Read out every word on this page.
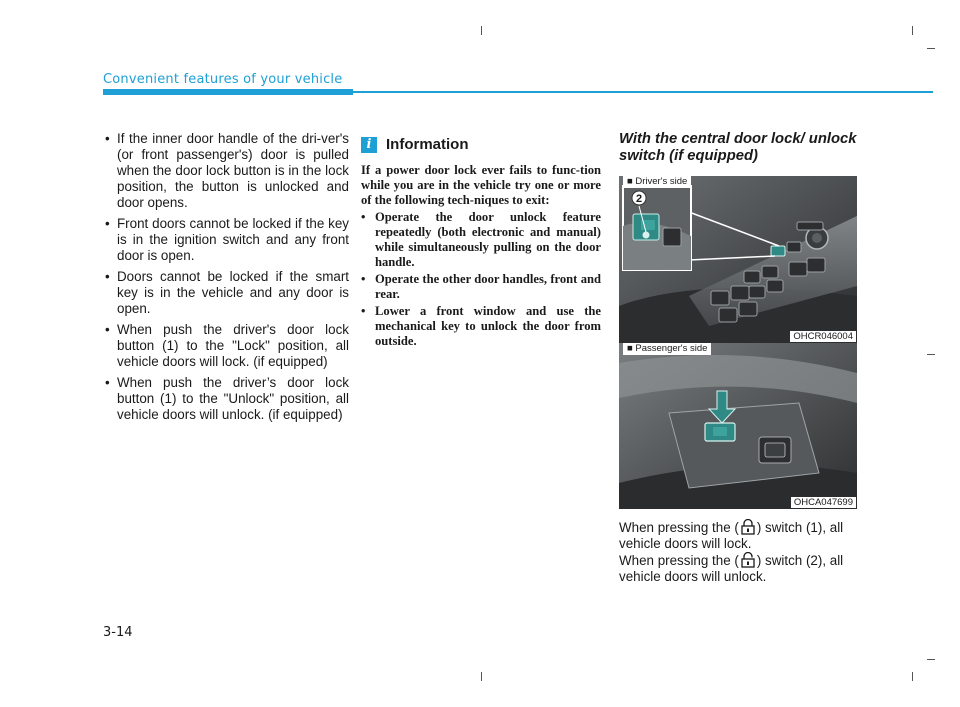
Convenient features of your vehicle
• If the inner door handle of the dri-ver's (or front passenger's) door is pulled when the door lock button is in the lock position, the button is unlocked and door opens.
• Front doors cannot be locked if the key is in the ignition switch and any front door is open.
• Doors cannot be locked if the smart key is in the vehicle and any door is open.
• When push the driver's door lock button (1) to the "Lock" position, all vehicle doors will lock. (if equipped)
• When push the driver’s door lock button (1) to the "Unlock" position, all vehicle doors will unlock. (if equipped)
i Information

If a power door lock ever fails to func-tion while you are in the vehicle try one or more of the following tech-niques to exit:

• Operate the door unlock feature repeatedly (both electronic and manual) while simultaneously pulling on the door handle.
• Operate the other door handles, front and rear.
• Lower a front window and use the mechanical key to unlock the door from outside.

With the central door lock/ unlock switch (if equipped)

2
■ Driver's side
OHCR046004
■ Passenger's side
OHCA047699

When pressing the ( ) switch (1), all vehicle doors will lock.

When pressing the ( ) switch (2), all vehicle doors will unlock.

3-14
